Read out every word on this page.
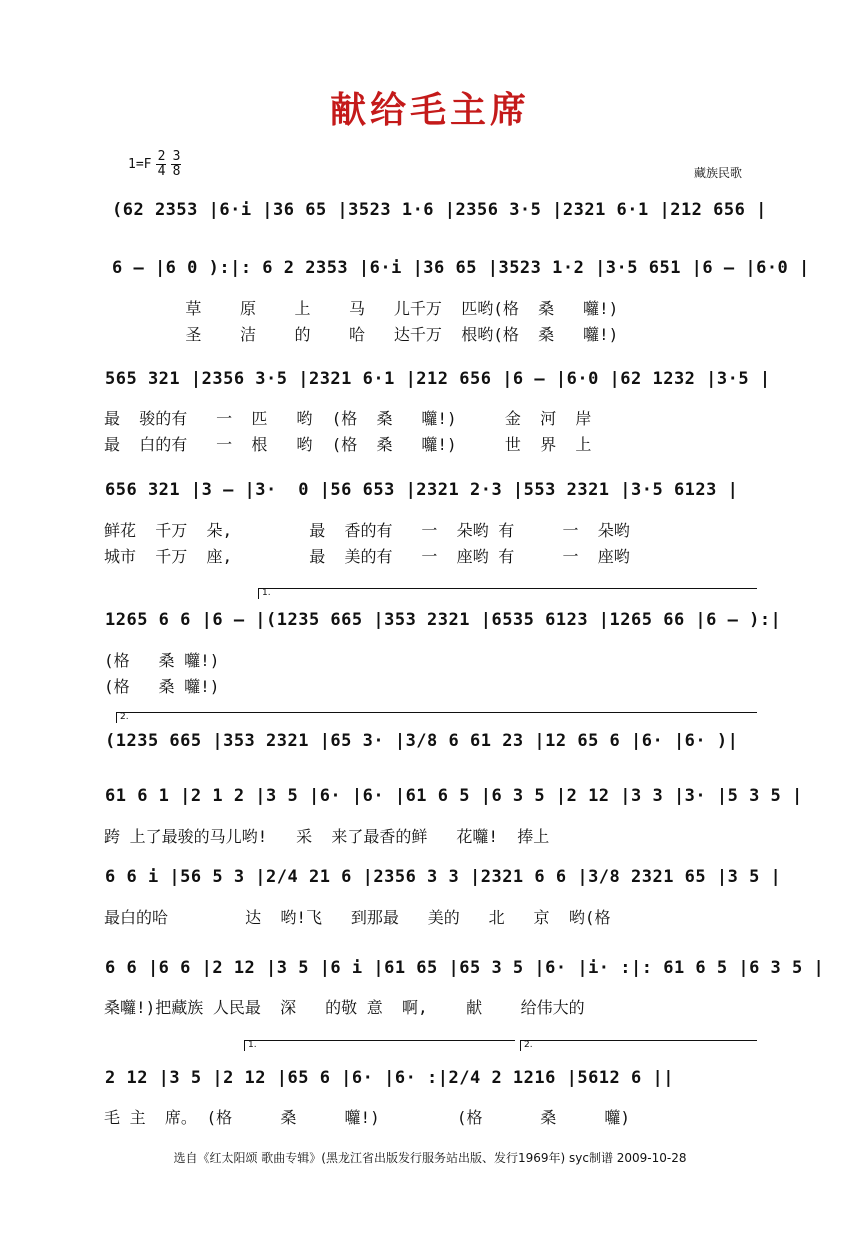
献给毛主席
$1=F \frac{2}{4} \frac{3}{8}$	藏族民歌
(62 2353 |6·i |36 65 |3523 1·6 |2356 3·5 |2321 6·1 |212 656 |
6 — |6 0 ):|: 6 2 2353 |6·i |36 65 |3523 1·2 |3·5 651 |6 — |6·0 |
草    原    上    马   儿千万  匹哟(格  桑   囖!)
圣    洁    的    哈   达千万  根哟(格  桑   囖!)
565 321 |2356 3·5 |2321 6·1 |212 656 |6 — |6·0 |62 1232 |3·5 |
最  骏的有   一  匹   哟  (格  桑   囖!)     金  河  岸
最  白的有   一  根   哟  (格  桑   囖!)     世  界  上
656 321 |3 — |3·  0 |56 653 |2321 2·3 |553 2321 |3·5 6123 |
鲜花  千万  朵,        最  香的有   一  朵哟 有     一  朵哟
城市  千万  座,        最  美的有   一  座哟 有     一  座哟
1.
1265 6 6 |6 — |(1235 665 |353 2321 |6535 6123 |1265 66 |6 — ):|
(格   桑 囖!)
(格   桑 囖!)
2.
(1235 665 |353 2321 |65 3· |3/8 6 61 23 |12 65 6 |6· |6· )|
61 6 1 |2 1 2 |3 5 |6· |6· |61 6 5 |6 3 5 |2 12 |3 3 |3· |5 3 5 |
跨 上了最骏的马儿哟!   采  来了最香的鲜   花囖!  捧上
6 6 i |56 5 3 |2/4 21 6 |2356 3 3 |2321 6 6 |3/8 2321 65 |3 5 |
最白的哈        达  哟!飞   到那最   美的   北   京  哟(格
6 6 |6 6 |2 12 |3 5 |6 i |61 65 |65 3 5 |6· |i· :|: 61 6 5 |6 3 5 |
桑囖!)把藏族 人民最  深   的敬 意  啊,    献    给伟大的
1.	2.
2 12 |3 5 |2 12 |65 6 |6· |6· :|2/4 2 1216 |5612 6 ||
毛 主  席。 (格     桑     囖!)        (格      桑     囖)
选自《红太阳颂 歌曲专辑》(黑龙江省出版发行服务站出版、发行1969年) syc制谱 2009-10-28
